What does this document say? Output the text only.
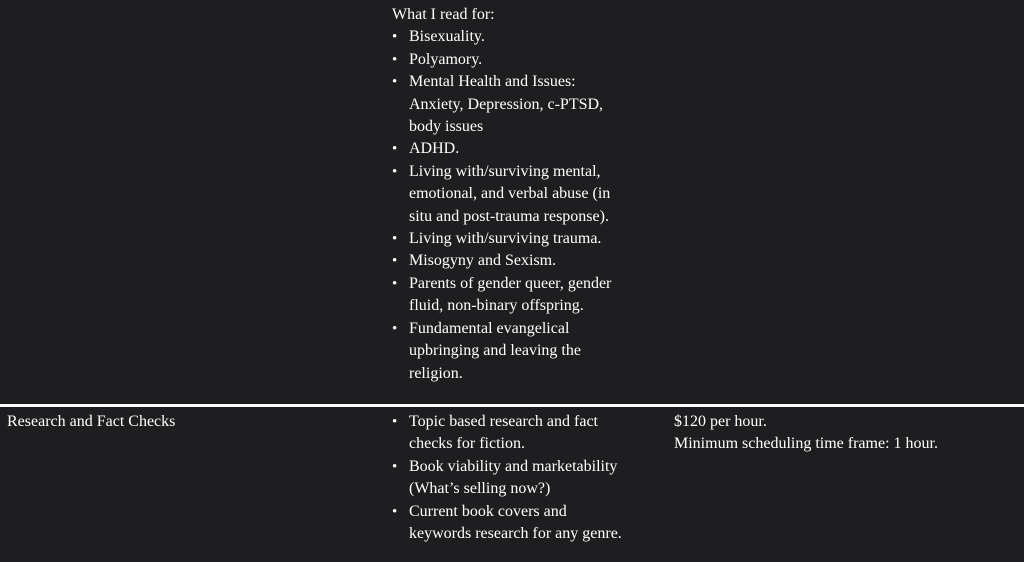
What I read for:
• Bisexuality.
• Polyamory.
• Mental Health and Issues:
Anxiety, Depression, c-PTSD,
body issues
• ADHD.
• Living with/surviving mental,
emotional, and verbal abuse (in
situ and post-trauma response).
• Living with/surviving trauma.
• Misogyny and Sexism.
• Parents of gender queer, gender
fluid, non-binary offspring.
• Fundamental evangelical
upbringing and leaving the
religion.
Research and Fact Checks	• Topic based research and fact
checks for fiction.
• Book viability and marketability
(What’s selling now?)
• Current book covers and
keywords research for any genre.
$120 per hour.
Minimum scheduling time frame: 1 hour.
